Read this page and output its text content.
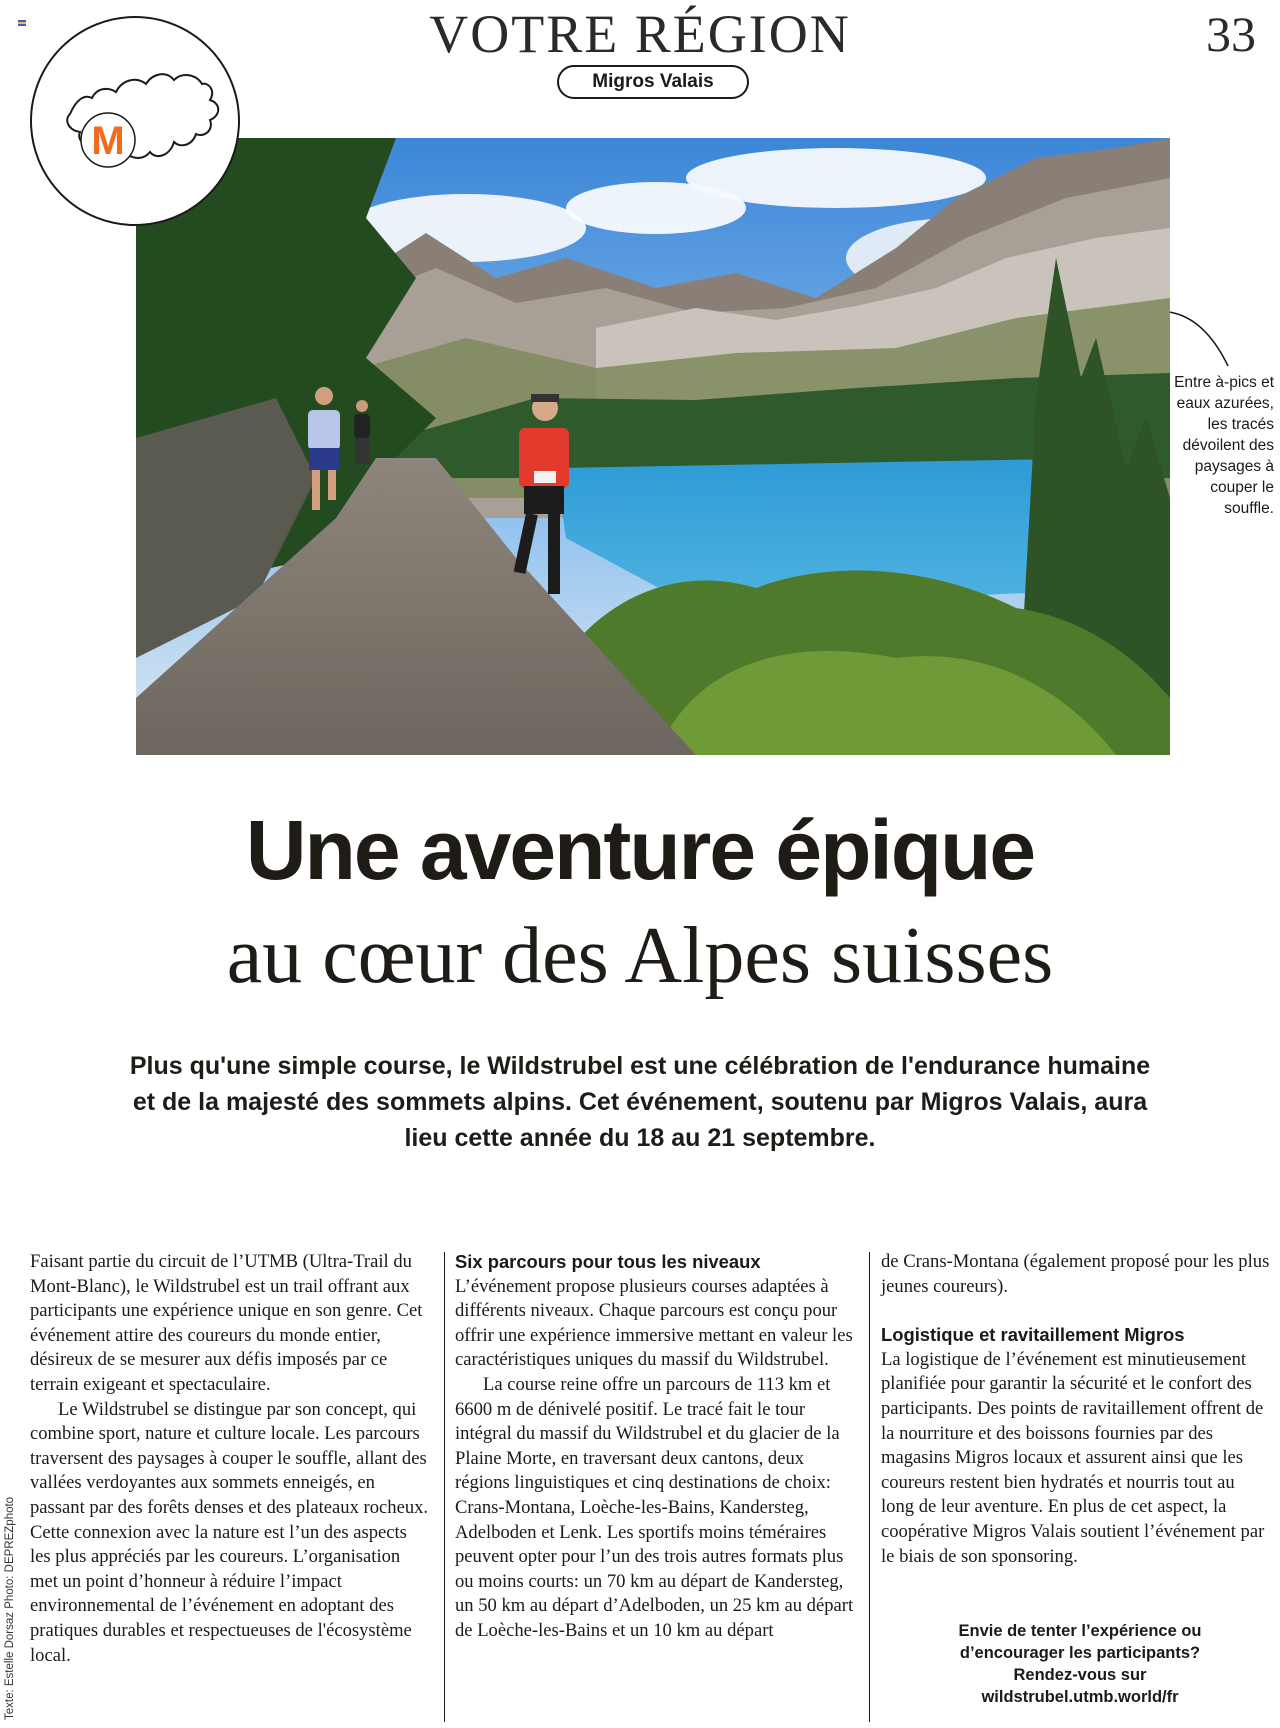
VOTRE RÉGION	33
Migros Valais
M
Entre à-pics et eaux azurées, les tracés dévoilent des paysages à couper le souffle.
Une aventure épique
au cœur des Alpes suisses
Plus qu'une simple course, le Wildstrubel est une célébration de l'endurance humaine et de la majesté des sommets alpins. Cet événement, soutenu par Migros Valais, aura lieu cette année du 18 au 21 septembre.

Faisant partie du circuit de l’UTMB (Ultra-Trail du Mont-Blanc), le Wildstrubel est un trail offrant aux participants une expérience unique en son genre. Cet événement attire des coureurs du monde entier, désireux de se mesurer aux défis imposés par ce terrain exigeant et spectaculaire.

Le Wildstrubel se distingue par son concept, qui combine sport, nature et culture locale. Les parcours traversent des paysages à couper le souffle, allant des vallées verdoyantes aux sommets enneigés, en passant par des forêts denses et des plateaux rocheux. Cette connexion avec la nature est l’un des aspects les plus appréciés par les coureurs. L’organisation met un point d’honneur à réduire l’impact environnemental de l’événement en adoptant des pratiques durables et respectueuses de l'écosystème local.

Six parcours pour tous les niveaux

L’événement propose plusieurs courses adaptées à différents niveaux. Chaque parcours est conçu pour offrir une expérience immersive mettant en valeur les caractéristiques uniques du massif du Wildstrubel.

La course reine offre un parcours de 113 km et 6600 m de dénivelé positif. Le tracé fait le tour intégral du massif du Wildstrubel et du glacier de la Plaine Morte, en traversant deux cantons, deux régions linguistiques et cinq destinations de choix: Crans-Montana, Loèche-les-Bains, Kandersteg, Adelboden et Lenk. Les sportifs moins téméraires peuvent opter pour l’un des trois autres formats plus ou moins courts: un 70 km au départ de Kandersteg, un 50 km au départ d’Adelboden, un 25 km au départ de Loèche-les-Bains et un 10 km au départ

de Crans-Montana (également proposé pour les plus jeunes coureurs).

Logistique et ravitaillement Migros

La logistique de l’événement est minutieusement planifiée pour garantir la sécurité et le confort des participants. Des points de ravitaillement offrent de la nourriture et des boissons fournies par des magasins Migros locaux et assurent ainsi que les coureurs restent bien hydratés et nourris tout au long de leur aventure. En plus de cet aspect, la coopérative Migros Valais soutient l’événement par le biais de son sponsoring.

Envie de tenter l’expérience ou
d’encourager les participants?
Rendez-vous sur
wildstrubel.utmb.world/fr
Texte: Estelle Dorsaz Photo: DEPREZphoto
